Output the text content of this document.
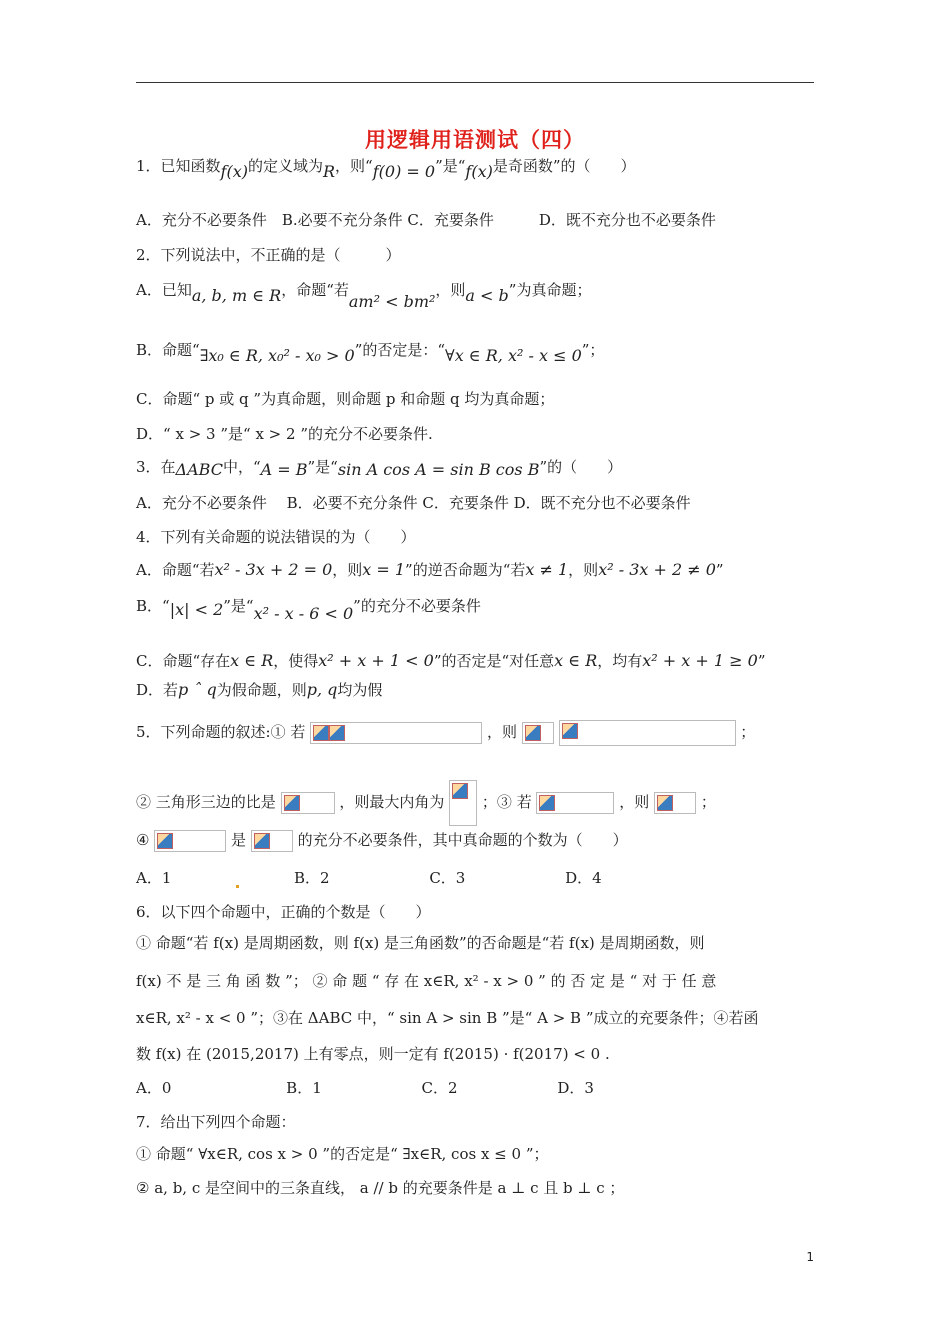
用逻辑用语测试（四）
1．已知函数f(x)的定义域为R，则“f(0) = 0”是“f(x)是奇函数”的（　　）
A．充分不必要条件　B.必要不充分条件 C．充要条件　　　D．既不充分也不必要条件
2．下列说法中，不正确的是（　　　）
A．已知a, b, m ∈ R，命题“若am² < bm²，则a < b”为真命题；
B．命题“∃x₀ ∈ R, x₀² - x₀ > 0”的否定是：“∀x ∈ R, x² - x ≤ 0”；
C．命题“ p 或 q ”为真命题，则命题 p 和命题 q 均为真命题；
D．“ x > 3 ”是“ x > 2 ”的充分不必要条件.
3．在ΔABC中，“A = B”是“sin A cos A = sin B cos B”的（　　）
A．充分不必要条件　 B．必要不充分条件 C．充要条件 D．既不充分也不必要条件
4．下列有关命题的说法错误的为（　　）
A．命题“若x² - 3x + 2 = 0，则x = 1”的逆否命题为“若x ≠ 1，则x² - 3x + 2 ≠ 0”
B．“|x| < 2”是“x² - x - 6 < 0”的充分不必要条件
C．命题“存在x ∈ R，使得x² + x + 1 < 0”的否定是“对任意x ∈ R，均有x² + x + 1 ≥ 0”
D．若p ˆ q为假命题，则p, q均为假
5．下列命题的叙述:① 若	，则
	；
② 三角形三边的比是	，则最大内角为	；③ 若	，则	；
④	是	的充分不必要条件，其中真命题的个数为（　　）
A．1	B．2	C．3	D．4
6．以下四个命题中，正确的个数是（　　）
① 命题“若 f(x) 是周期函数，则 f(x) 是三角函数”的否命题是“若 f(x) 是周期函数，则
f(x) 不 是 三 角 函 数 ”； ② 命 题 “ 存 在 x∈R, x² - x > 0 ” 的 否 定 是 “ 对 于 任 意
x∈R, x² - x < 0 ”；③在 ΔABC 中，“ sin A > sin B ”是“ A > B ”成立的充要条件；④若函
数 f(x) 在 (2015,2017) 上有零点，则一定有 f(2015) · f(2017) < 0 .
A．0	B．1	C．2	D．3
7．给出下列四个命题：
① 命题“ ∀x∈R, cos x > 0 ”的否定是“ ∃x∈R, cos x ≤ 0 ”；
② a, b, c 是空间中的三条直线， a // b 的充要条件是 a ⊥ c 且 b ⊥ c ；
1
